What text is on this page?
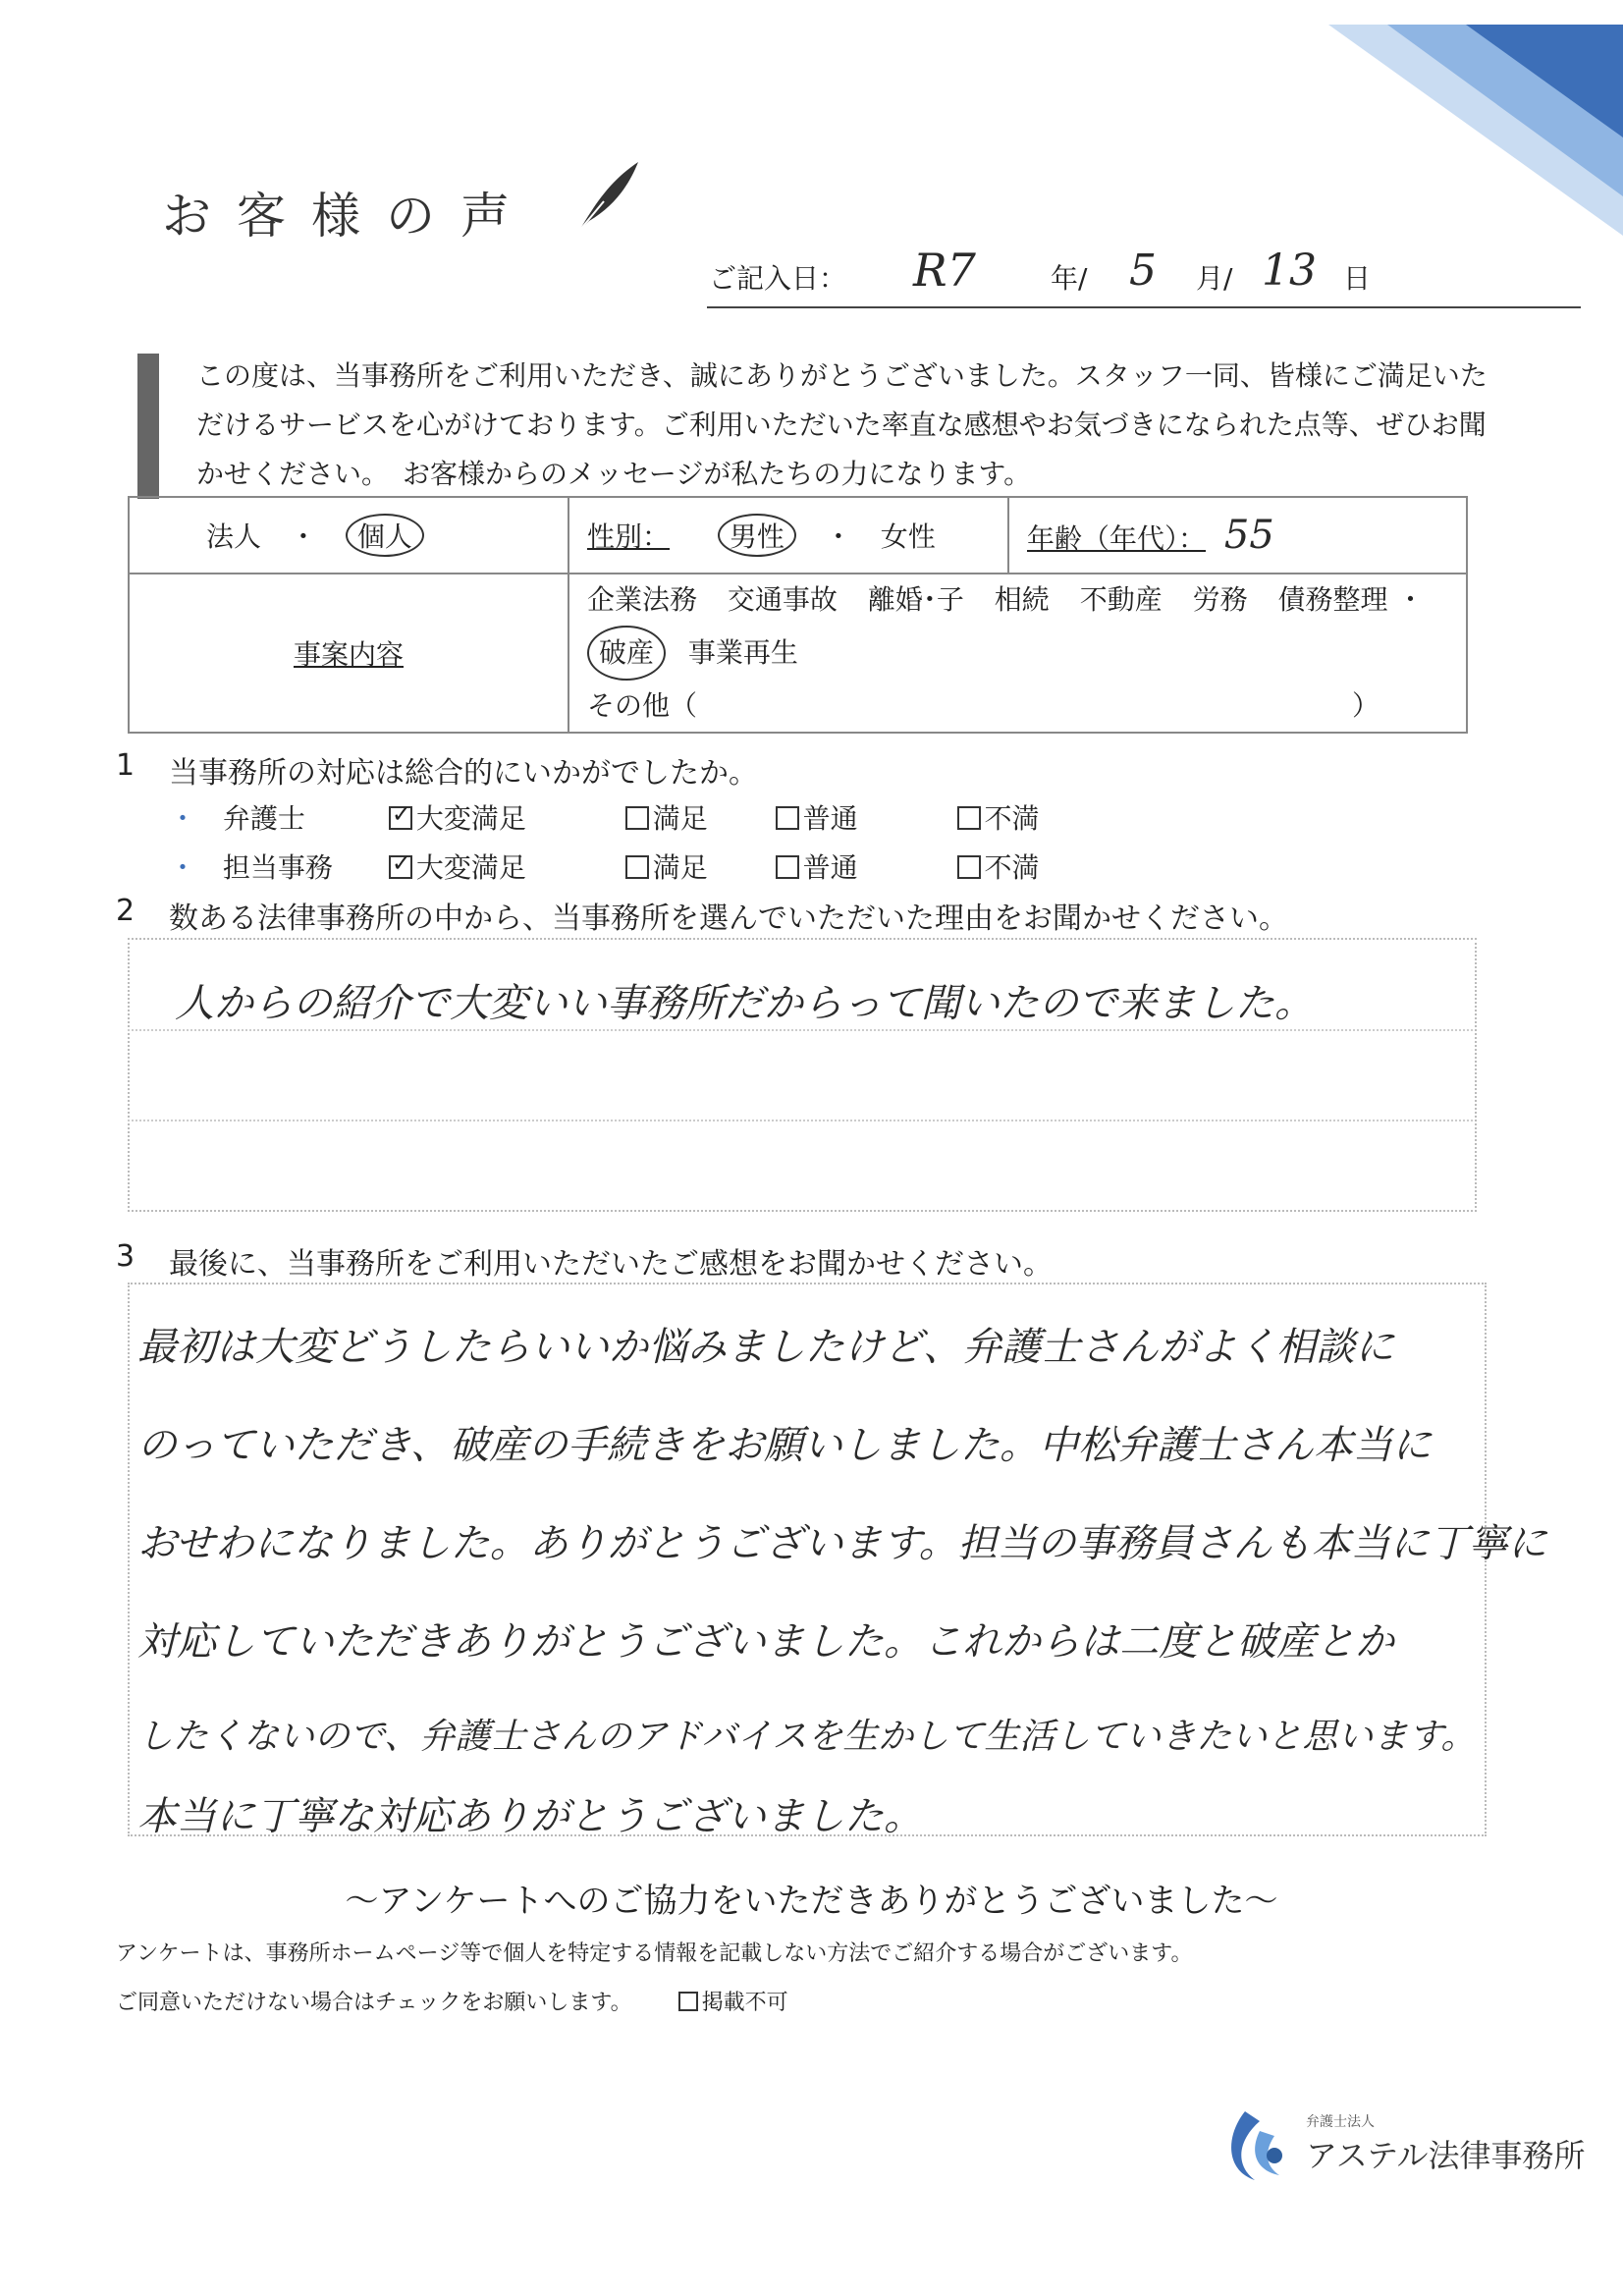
お客様の声
ご記入日： R7	年/ 5 月/ 13 日
この度は、当事務所をご利用いただき、誠にありがとうございました。スタッフ一同、皆様にご満足いただけるサービスを心がけております。ご利用いただいた率直な感想やお気づきになられた点等、ぜひお聞かせください。　お客様からのメッセージが私たちの力になります。
法人 ・ 個人	性別： 男性 ・ 女性	年齢（年代）： 55
事案内容	企業法務 交通事故 離婚･子 相続 不動産 労務 債務整理 ・ 破産 事業再生
その他（ ）	
1 当事務所の対応は総合的にいかがでしたか。
・ 弁護士 ✓	大変満足	満足	普通	不満
・ 担当事務 ✓	大変満足	満足	普通	不満
2 数ある法律事務所の中から、当事務所を選んでいただいた理由をお聞かせください。
人からの紹介で大変いい事務所だからって聞いたので来ました。
3 最後に、当事務所をご利用いただいたご感想をお聞かせください。
最初は大変どうしたらいいか悩みましたけど、弁護士さんがよく相談に
のっていただき、破産の手続きをお願いしました。中松弁護士さん本当に
おせわになりました。ありがとうございます。担当の事務員さんも本当に丁寧に
対応していただきありがとうございました。これからは二度と破産とか
したくないので、弁護士さんのアドバイスを生かして生活していきたいと思います。
本当に丁寧な対応ありがとうございました。
～アンケートへのご協力をいただきありがとうございました～
アンケートは、事務所ホームページ等で個人を特定する情報を記載しない方法でご紹介する場合がございます。
ご同意いただけない場合はチェックをお願いします。	掲載不可
弁護士法人
アステル法律事務所
